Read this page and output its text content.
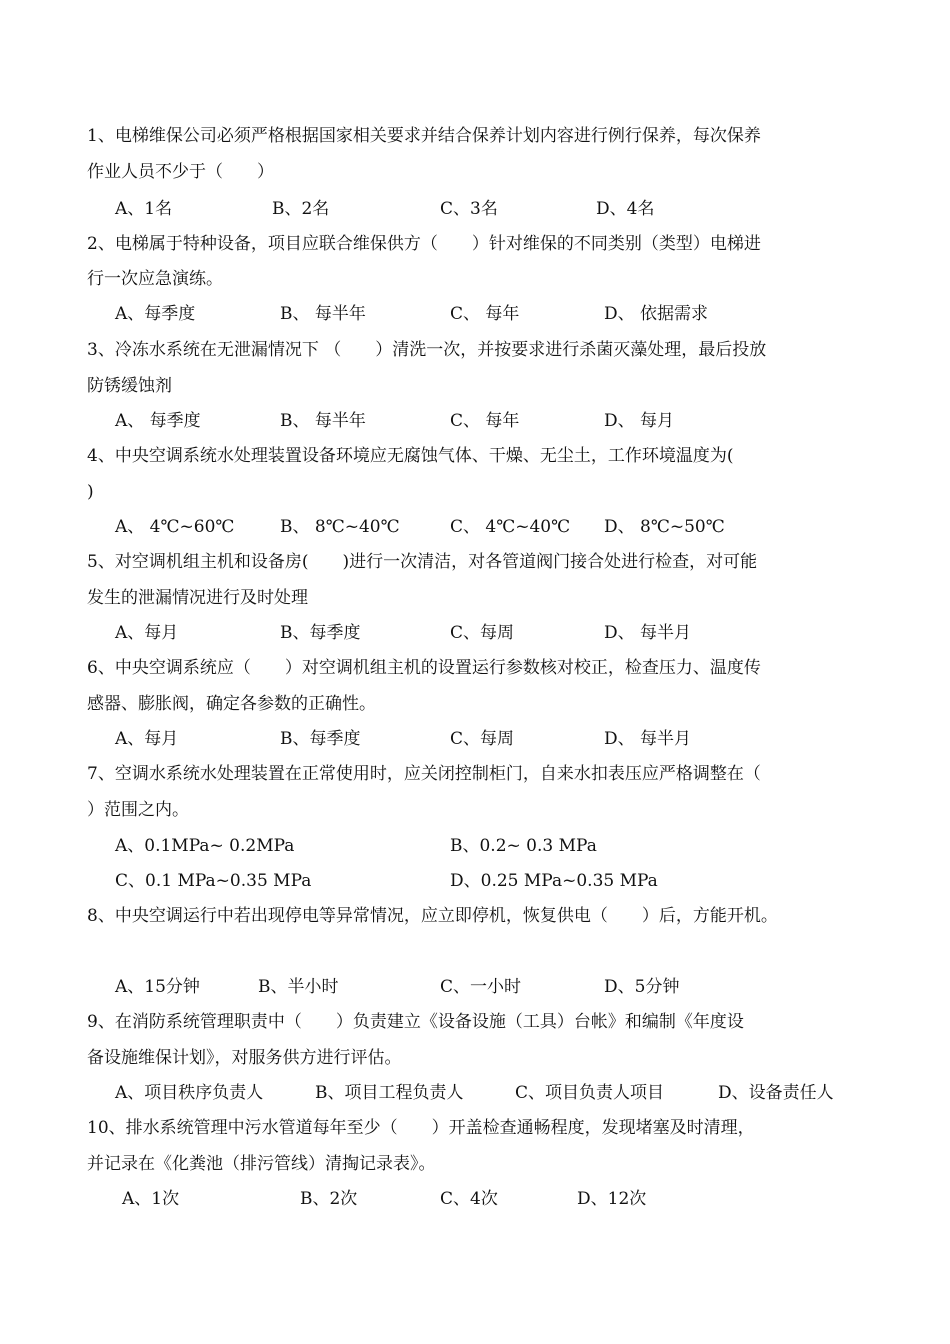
1、电梯维保公司必须严格根据国家相关要求并结合保养计划内容进行例行保养，每次保养
作业人员不少于（　　）
A、1名	B、2名	C、3名	D、4名
2、电梯属于特种设备，项目应联合维保供方（　　）针对维保的不同类别（类型）电梯进
行一次应急演练。
A、每季度	B、 每半年	C、 每年	D、 依据需求
3、冷冻水系统在无泄漏情况下 （　　）清洗一次，并按要求进行杀菌灭藻处理，最后投放
防锈缓蚀剂
A、 每季度	B、 每半年	C、 每年	D、 每月
4、中央空调系统水处理装置设备环境应无腐蚀气体、干燥、无尘土，工作环境温度为(
)
A、 4℃~60℃	B、 8℃~40℃	C、 4℃~40℃ D、 8℃~50℃
5、对空调机组主机和设备房(　　)进行一次清洁，对各管道阀门接合处进行检查，对可能
发生的泄漏情况进行及时处理
A、每月	B、每季度	C、每周	D、 每半月
6、中央空调系统应（　　）对空调机组主机的设置运行参数核对校正，检查压力、温度传
感器、膨胀阀，确定各参数的正确性。
A、每月	B、每季度	C、每周	D、 每半月
7、空调水系统水处理装置在正常使用时，应关闭控制柜门，自来水扣表压应严格调整在（
）范围之内。
A、0.1MPa~ 0.2MPa	B、0.2~ 0.3 MPa
C、0.1 MPa~0.35 MPa	D、0.25 MPa~0.35 MPa
8、中央空调运行中若出现停电等异常情况，应立即停机，恢复供电（　　）后，方能开机。
A、15分钟	B、半小时	C、一小时	D、5分钟
9、在消防系统管理职责中（　　）负责建立《设备设施（工具）台帐》和编制《年度设
备设施维保计划》，对服务供方进行评估。
A、项目秩序负责人	B、项目工程负责人	C、项目负责人项目	D、设备责任人
10、排水系统管理中污水管道每年至少（　　）开盖检查通畅程度，发现堵塞及时清理，
并记录在《化粪池（排污管线）清掏记录表》。
A、1次	B、2次	C、4次	D、12次
